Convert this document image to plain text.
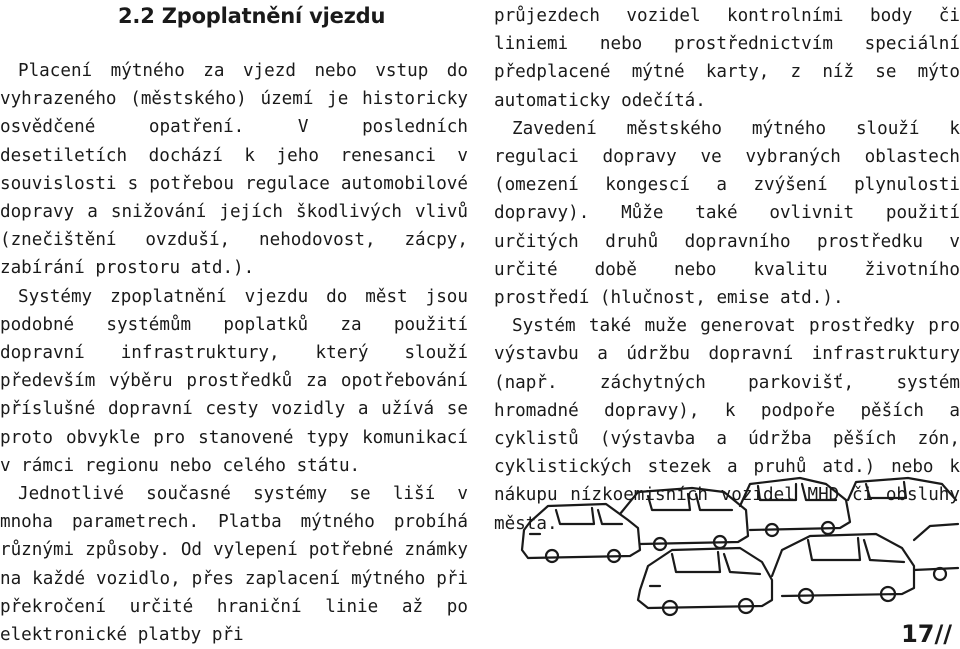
2.2 Zpoplatnění vjezdu

Placení mýtného za vjezd nebo vstup do vyhrazeného (městského) území je historicky osvědčené opatření. V posledních desetiletích dochází k jeho renesanci v souvislosti s potřebou regulace automobilové dopravy a snižování jejích škodlivých vlivů (znečištění ovzduší, nehodovost, zácpy, zabírání prostoru atd.).

Systémy zpoplatnění vjezdu do měst jsou podobné systémům poplatků za použití dopravní infrastruktury, který slouží především výběru prostředků za opotřebování příslušné dopravní cesty vozidly a užívá se proto obvykle pro stanovené typy komunikací v rámci regionu nebo celého státu.

Jednotlivé současné systémy se liší v mnoha parametrech. Platba mýtného probíhá různými způsoby. Od vylepení potřebné známky na každé vozidlo, přes zaplacení mýtného při překročení určité hraniční linie až po elektronické platby při

průjezdech vozidel kontrolními body či liniemi nebo prostřednictvím speciální předplacené mýtné karty, z níž se mýto automaticky odečítá.

Zavedení městského mýtného slouží k regulaci dopravy ve vybraných oblastech (omezení kongescí a zvýšení plynulosti dopravy). Může také ovlivnit použití určitých druhů dopravního prostředku v určité době nebo kvalitu životního prostředí (hlučnost, emise atd.).

Systém také muže generovat prostředky pro výstavbu a údržbu dopravní infrastruktury (např. záchytných parkovišť, systém hromadné dopravy), k podpoře pěších a cyklistů (výstavba a údržba pěších zón, cyklistických stezek a pruhů atd.) nebo k nákupu nízkoemisních vozidel MHD či obsluhy města.

17//
